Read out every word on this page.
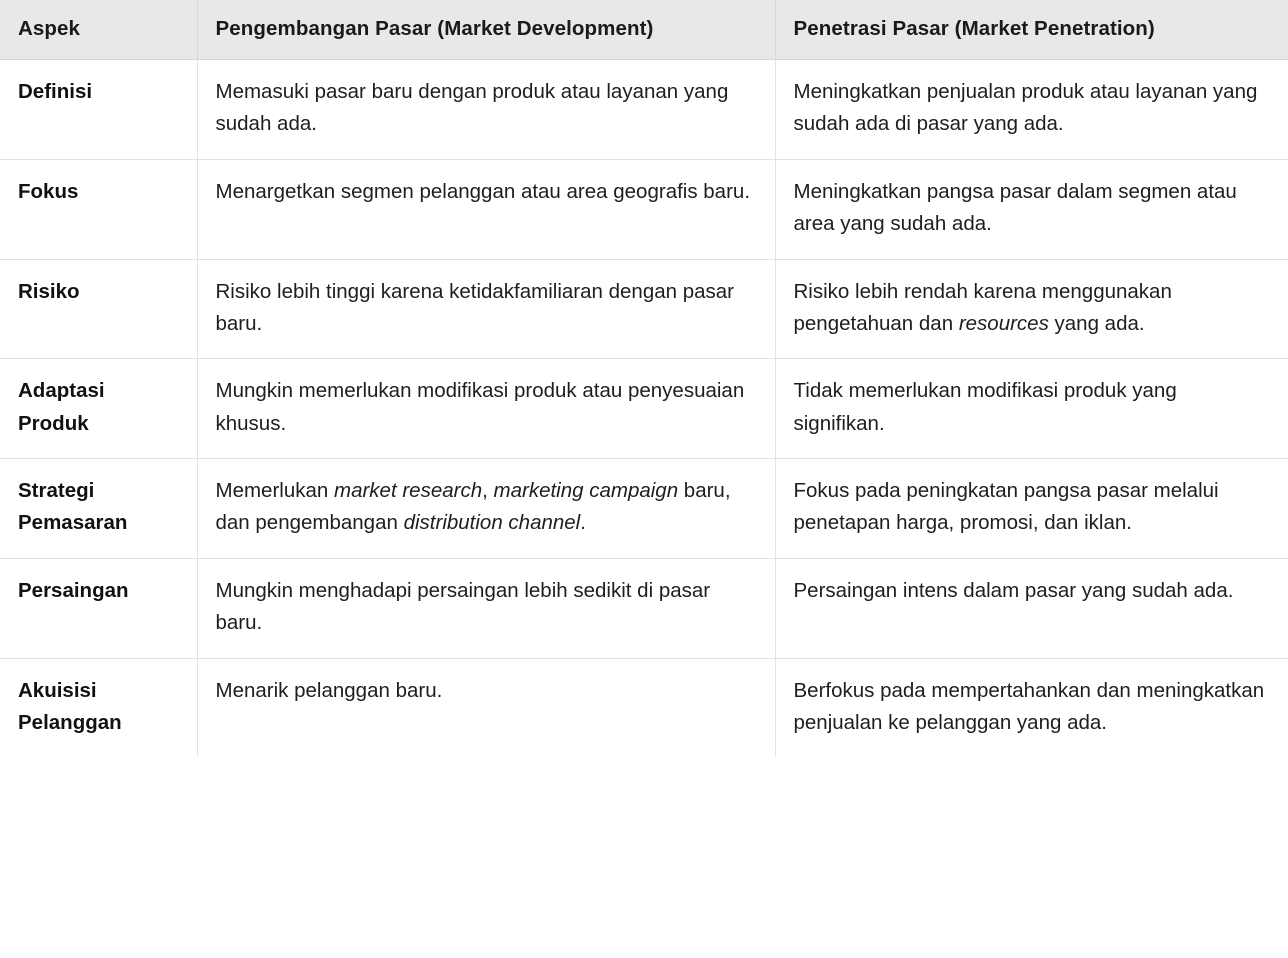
Aspek	Pengembangan Pasar (Market Development)	Penetrasi Pasar (Market Penetration)
Definisi	Memasuki pasar baru dengan produk atau layanan yang sudah ada.	Meningkatkan penjualan produk atau layanan yang sudah ada di pasar yang ada.
Fokus	Menargetkan segmen pelanggan atau area geografis baru.	Meningkatkan pangsa pasar dalam segmen atau area yang sudah ada.
Risiko	Risiko lebih tinggi karena ketidakfamiliaran dengan pasar baru.	Risiko lebih rendah karena menggunakan pengetahuan dan resources yang ada.
Adaptasi Produk	Mungkin memerlukan modifikasi produk atau penyesuaian khusus.	Tidak memerlukan modifikasi produk yang signifikan.
Strategi Pemasaran	Memerlukan market research, marketing campaign baru, dan pengembangan distribution channel.	Fokus pada peningkatan pangsa pasar melalui penetapan harga, promosi, dan iklan.
Persaingan	Mungkin menghadapi persaingan lebih sedikit di pasar baru.	Persaingan intens dalam pasar yang sudah ada.
Akuisisi Pelanggan	Menarik pelanggan baru.	Berfokus pada mempertahankan dan meningkatkan penjualan ke pelanggan yang ada.
